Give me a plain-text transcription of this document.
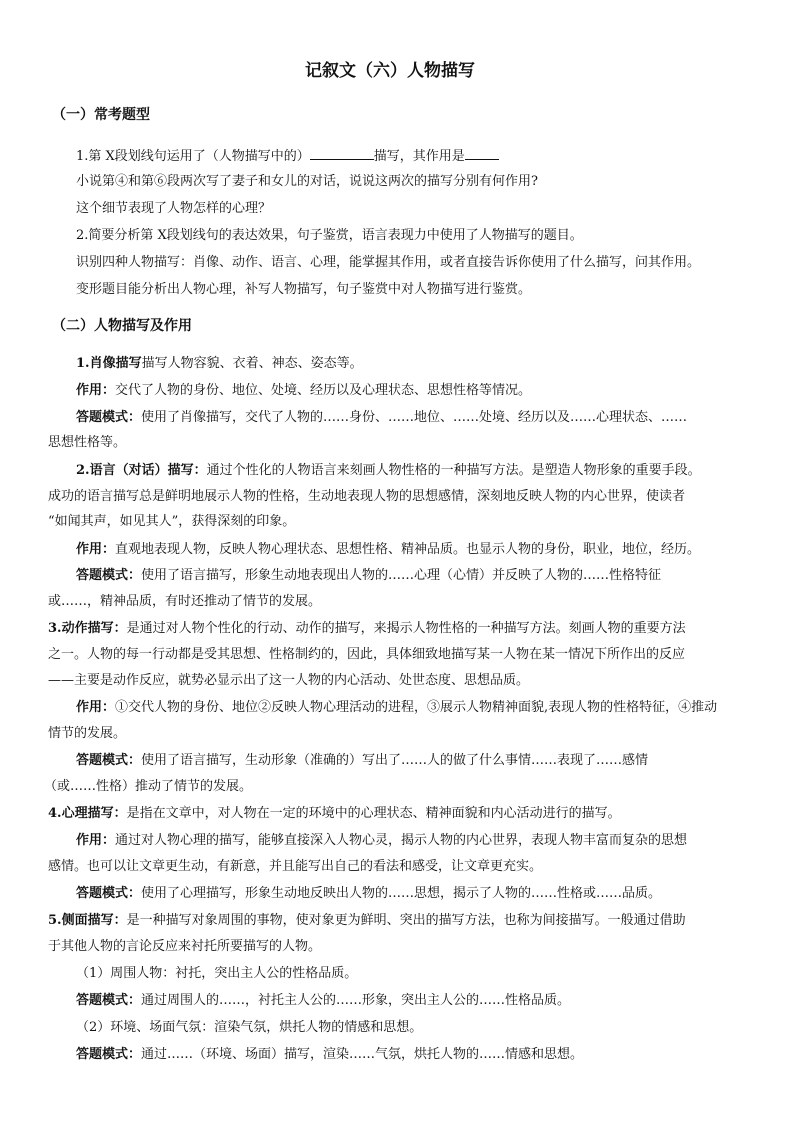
记叙文（六）人物描写
（一）常考题型
1.第 X段划线句运用了（人物描写中的）	描写，其作用是
小说第④和第⑥段两次写了妻子和女儿的对话，说说这两次的描写分别有何作用?
这个细节表现了人物怎样的心理？
2.简要分析第 X段划线句的表达效果，句子鉴赏，语言表现力中使用了人物描写的题目。
识别四种人物描写：肖像、动作、语言、心理，能掌握其作用，或者直接告诉你使用了什么描写，问其作用。
变形题目能分析出人物心理，补写人物描写，句子鉴赏中对人物描写进行鉴赏。
（二）人物描写及作用
1.肖像描写描写人物容貌、衣着、神态、姿态等。
作用：交代了人物的身份、地位、处境、经历以及心理状态、思想性格等情况。
答题模式：使用了肖像描写，交代了人物的……身份、……地位、……处境、经历以及……心理状态、……
思想性格等。
2.语言（对话）描写：通过个性化的人物语言来刻画人物性格的一种描写方法。是塑造人物形象的重要手段。
成功的语言描写总是鲜明地展示人物的性格，生动地表现人物的思想感情，深刻地反映人物的内心世界，使读者
“如闻其声，如见其人”，获得深刻的印象。
作用：直观地表现人物，反映人物心理状态、思想性格、精神品质。也显示人物的身份，职业，地位，经历。
答题模式：使用了语言描写，形象生动地表现出人物的……心理（心情）并反映了人物的……性格特征
或……，精神品质，有时还推动了情节的发展。
3.动作描写：是通过对人物个性化的行动、动作的描写，来揭示人物性格的一种描写方法。刻画人物的重要方法
之一。人物的每一行动都是受其思想、性格制约的，因此，具体细致地描写某一人物在某一情况下所作出的反应
——主要是动作反应，就势必显示出了这一人物的内心活动、处世态度、思想品质。
作用：①交代人物的身份、地位②反映人物心理活动的进程，③展示人物精神面貌,表现人物的性格特征，④推动
情节的发展。
答题模式：使用了语言描写，生动形象（准确的）写出了……人的做了什么事情……表现了……感情
（或……性格）推动了情节的发展。
4.心理描写：是指在文章中，对人物在一定的环境中的心理状态、精神面貌和内心活动进行的描写。
作用：通过对人物心理的描写，能够直接深入人物心灵，揭示人物的内心世界，表现人物丰富而复杂的思想
感情。也可以让文章更生动，有新意，并且能写出自己的看法和感受，让文章更充实。
答题模式：使用了心理描写，形象生动地反映出人物的……思想，揭示了人物的……性格或……品质。
5.侧面描写：是一种描写对象周围的事物，使对象更为鲜明、突出的描写方法，也称为间接描写。一般通过借助
于其他人物的言论反应来衬托所要描写的人物。
（1）周围人物：衬托，突出主人公的性格品质。
答题模式：通过周围人的……，衬托主人公的……形象，突出主人公的……性格品质。
（2）环境、场面气氛：渲染气氛，烘托人物的情感和思想。
答题模式：通过……（环境、场面）描写，渲染……气氛，烘托人物的……情感和思想。
